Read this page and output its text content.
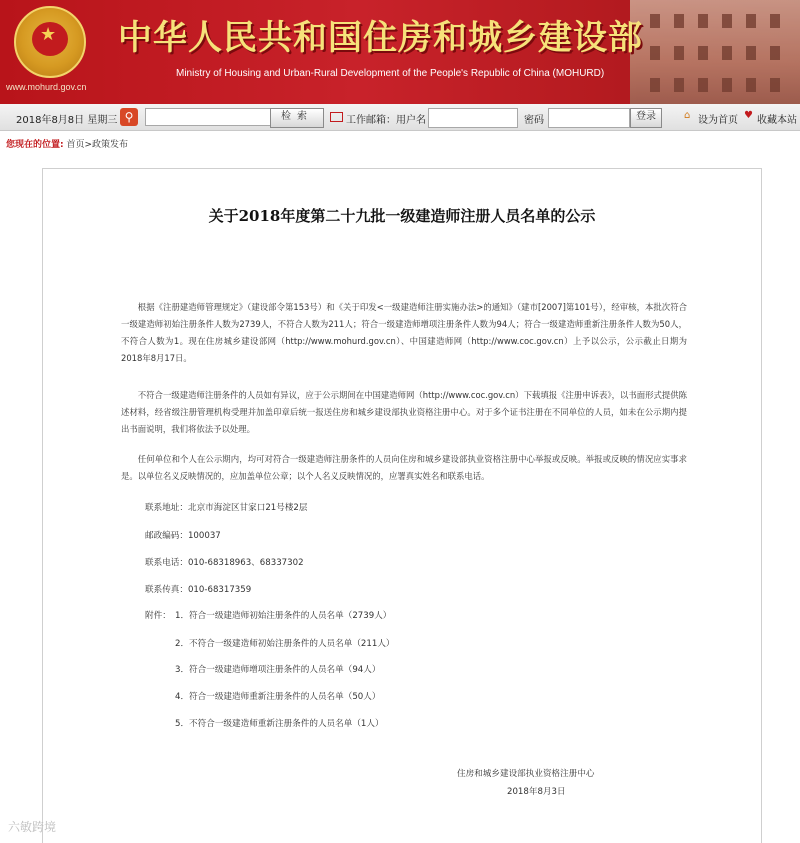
★
www.mohurd.gov.cn
中华人民共和国住房和城乡建设部
Ministry of Housing and Urban-Rural Development of the People's Republic of China (MOHURD)
2018年8月8日 星期三 ⚲	检索	工作邮箱：用户名	密码	登录	⌂ 设为首页 ♥ 收藏本站
您现在的位置: 首页>政策发布
关于2018年度第二十九批一级建造师注册人员名单的公示
根据《注册建造师管理规定》（建设部令第153号）和《关于印发<一级建造师注册实施办法>的通知》（建市[2007]第101号），经审核，本批次符合一级建造师初始注册条件人数为2739人，不符合人数为211人；符合一级建造师增项注册条件人数为94人；符合一级建造师重新注册条件人数为50人，不符合人数为1。现在住房城乡建设部网（http://www.mohurd.gov.cn）、中国建造师网（http://www.coc.gov.cn）上予以公示，公示截止日期为2018年8月17日。
不符合一级建造师注册条件的人员如有异议，应于公示期间在中国建造师网（http://www.coc.gov.cn）下载填报《注册申诉表》，以书面形式提供陈述材料，经省级注册管理机构受理并加盖印章后统一报送住房和城乡建设部执业资格注册中心。对于多个证书注册在不同单位的人员，如未在公示期内提出书面说明，我们将依法予以处理。
任何单位和个人在公示期内，均可对符合一级建造师注册条件的人员向住房和城乡建设部执业资格注册中心举报或反映。举报或反映的情况应实事求是。以单位名义反映情况的，应加盖单位公章；以个人名义反映情况的，应署真实姓名和联系电话。
联系地址：北京市海淀区甘家口21号楼2层
邮政编码：100037
联系电话：010-68318963、68337302
联系传真：010-68317359
附件： 1．符合一级建造师初始注册条件的人员名单（2739人）
2．不符合一级建造师初始注册条件的人员名单（211人）
3．符合一级建造师增项注册条件的人员名单（94人）
4．符合一级建造师重新注册条件的人员名单（50人）
5．不符合一级建造师重新注册条件的人员名单（1人）
住房和城乡建设部执业资格注册中心
2018年8月3日
六敏跨境
